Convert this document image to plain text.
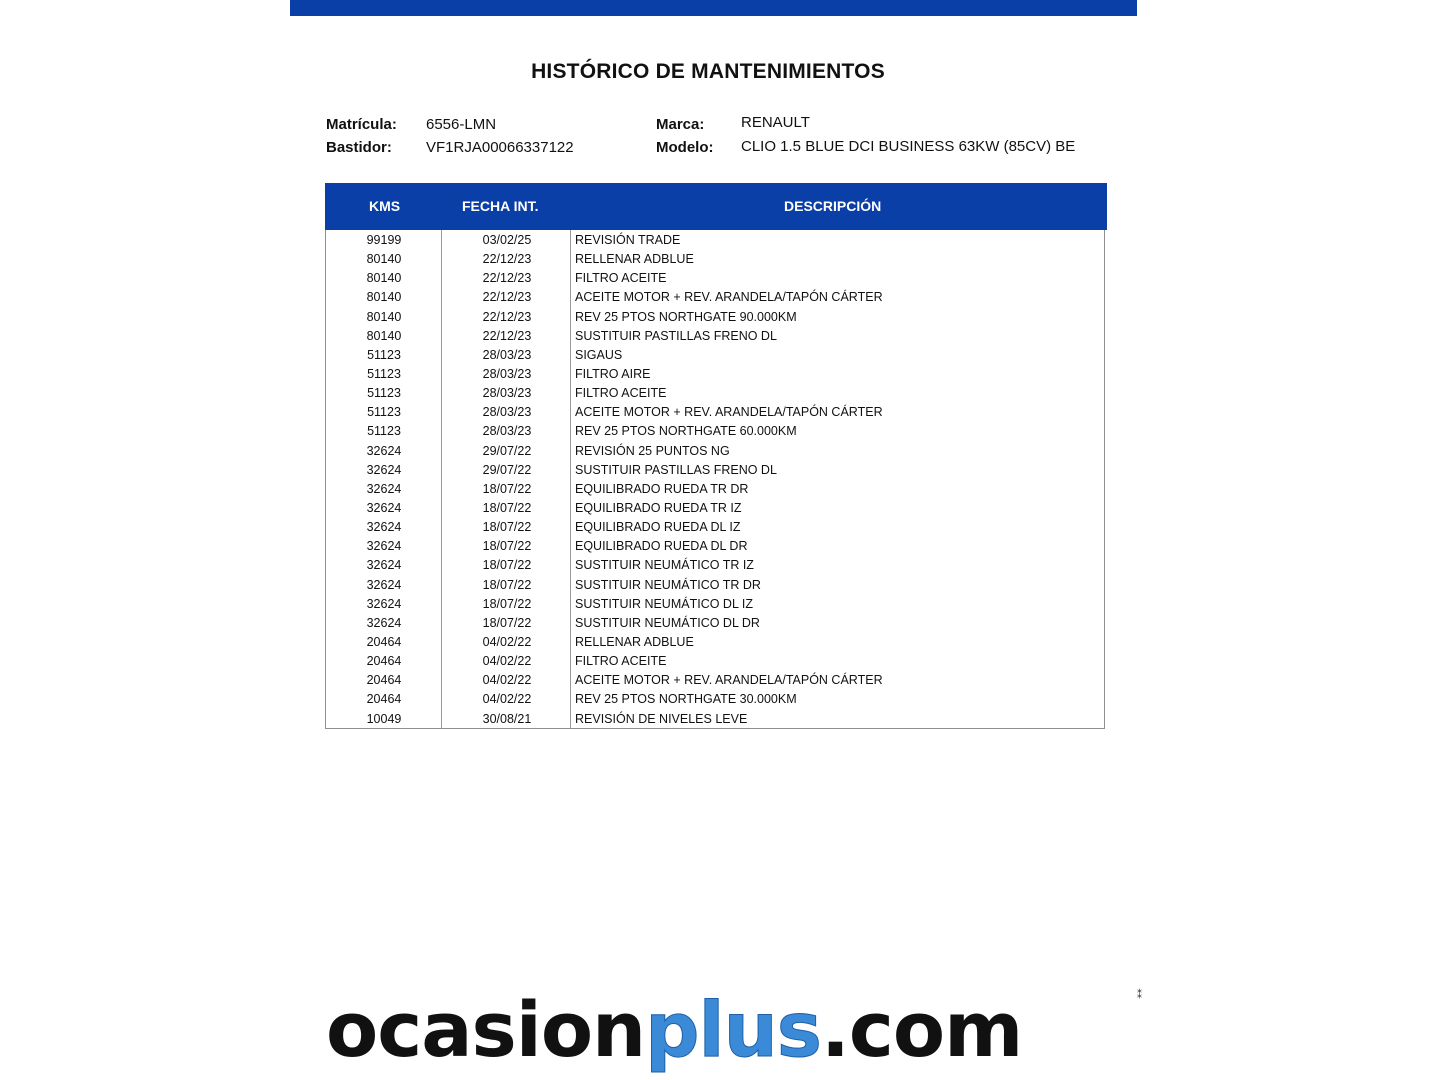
HISTÓRICO DE MANTENIMIENTOS
Matrícula: 6556-LMN
Bastidor: VF1RJA00066337122
Marca: RENAULT
Modelo: CLIO 1.5 BLUE DCI BUSINESS 63KW (85CV) BE
KMS	FECHA INT.	DESCRIPCIÓN
99199	03/02/25	REVISIÓN TRADE
80140	22/12/23	RELLENAR ADBLUE
80140	22/12/23	FILTRO ACEITE
80140	22/12/23	ACEITE MOTOR + REV. ARANDELA/TAPÓN CÁRTER
80140	22/12/23	REV 25 PTOS NORTHGATE 90.000KM
80140	22/12/23	SUSTITUIR PASTILLAS FRENO DL
51123	28/03/23	SIGAUS
51123	28/03/23	FILTRO AIRE
51123	28/03/23	FILTRO ACEITE
51123	28/03/23	ACEITE MOTOR + REV. ARANDELA/TAPÓN CÁRTER
51123	28/03/23	REV 25 PTOS NORTHGATE 60.000KM
32624	29/07/22	REVISIÓN 25 PUNTOS NG
32624	29/07/22	SUSTITUIR PASTILLAS FRENO DL
32624	18/07/22	EQUILIBRADO RUEDA TR DR
32624	18/07/22	EQUILIBRADO RUEDA TR IZ
32624	18/07/22	EQUILIBRADO RUEDA DL IZ
32624	18/07/22	EQUILIBRADO RUEDA DL DR
32624	18/07/22	SUSTITUIR NEUMÁTICO TR IZ
32624	18/07/22	SUSTITUIR NEUMÁTICO TR DR
32624	18/07/22	SUSTITUIR NEUMÁTICO DL IZ
32624	18/07/22	SUSTITUIR NEUMÁTICO DL DR
20464	04/02/22	RELLENAR ADBLUE
20464	04/02/22	FILTRO ACEITE
20464	04/02/22	ACEITE MOTOR + REV. ARANDELA/TAPÓN CÁRTER
20464	04/02/22	REV 25 PTOS NORTHGATE 30.000KM
10049	30/08/21	REVISIÓN DE NIVELES LEVE
ocasionplus.com	⁑
